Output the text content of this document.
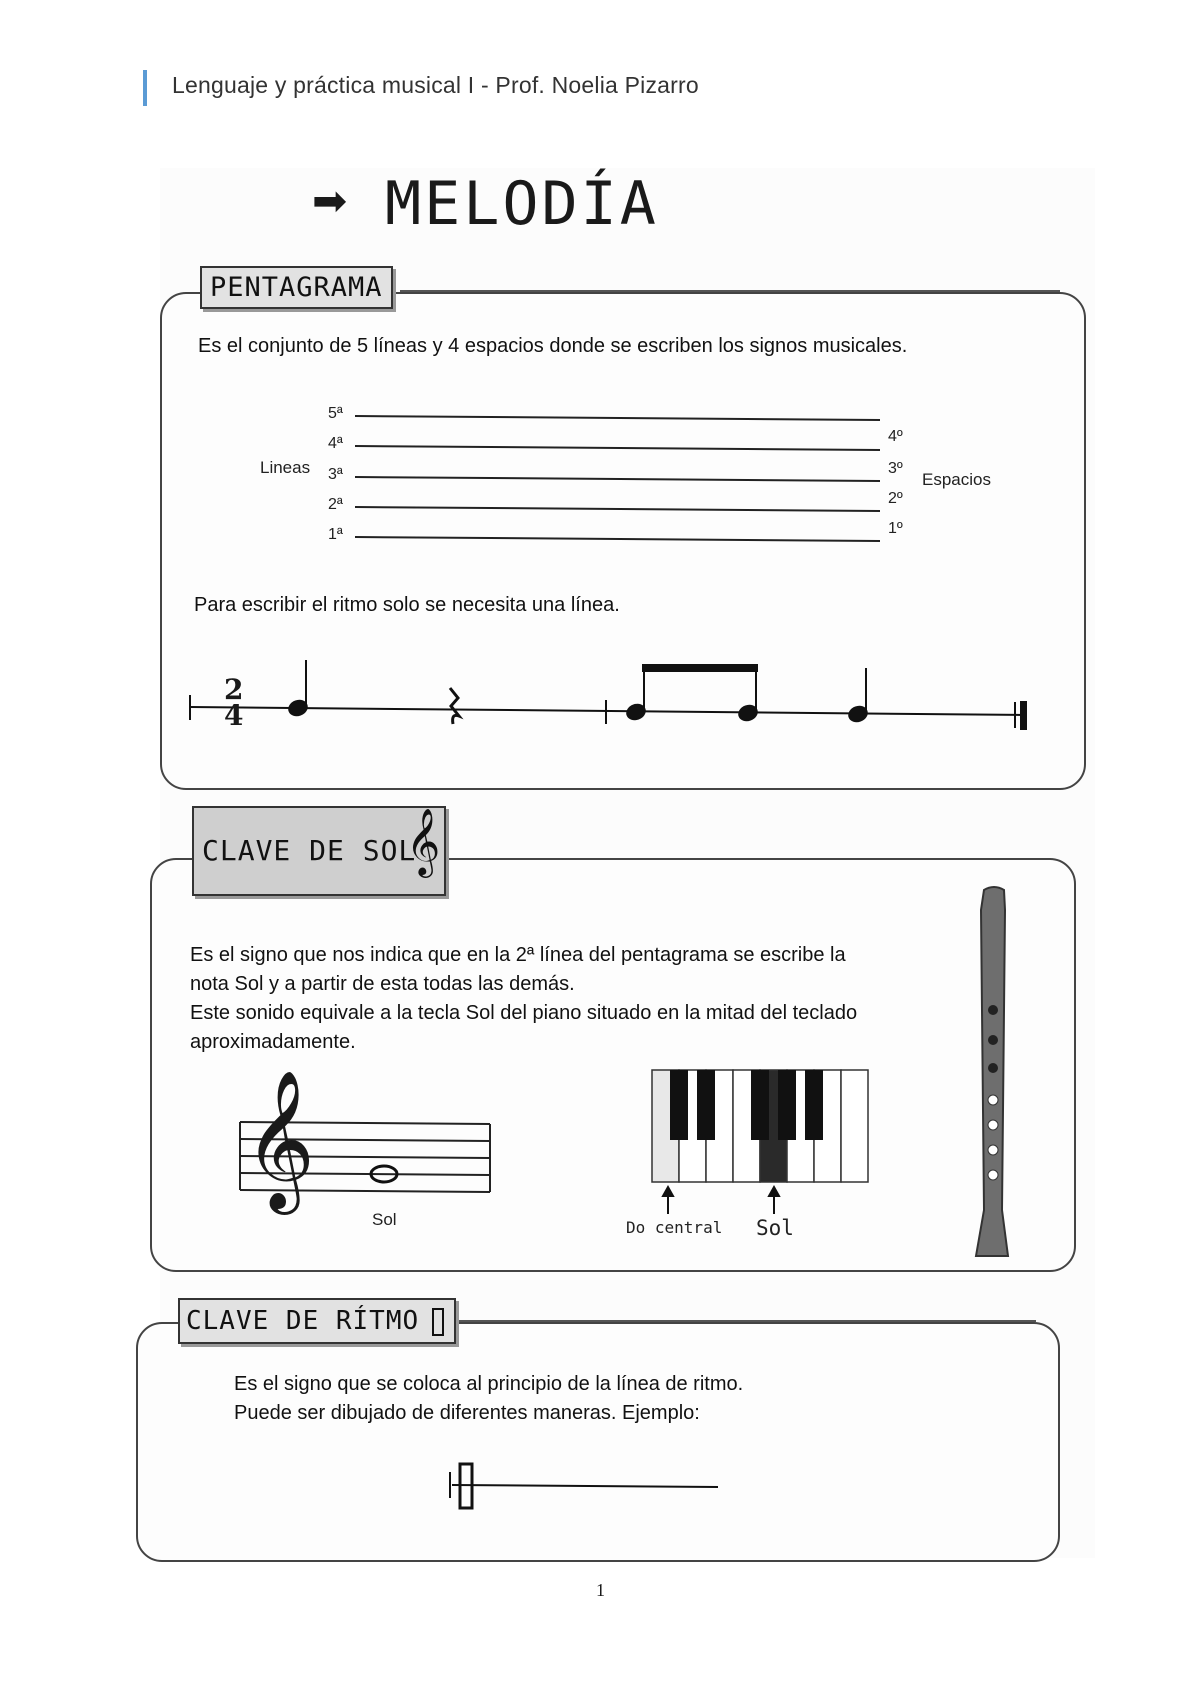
Lenguaje y práctica musical I - Prof. Noelia Pizarro
➡ MELODÍA
PENTAGRAMA
Es el conjunto de 5 líneas y 4 espacios donde se escriben los signos musicales.
5ª
4ª
3ª
2ª
1ª
Lineas
4º
3º
2º
1º
Espacios
Para escribir el ritmo solo se necesita una línea.
2
4
CLAVE DE SOL
𝄞
Es el signo que nos indica que en la 2ª línea del pentagrama se escribe la nota Sol y a partir de esta todas las demás.
Este sonido equivale a la tecla Sol del piano situado en la mitad del teclado aproximadamente.
𝄞
Sol	Do central Sol
CLAVE DE RÍTMO
Es el signo que se coloca al principio de la línea de ritmo.
Puede ser dibujado de diferentes maneras. Ejemplo:
1
